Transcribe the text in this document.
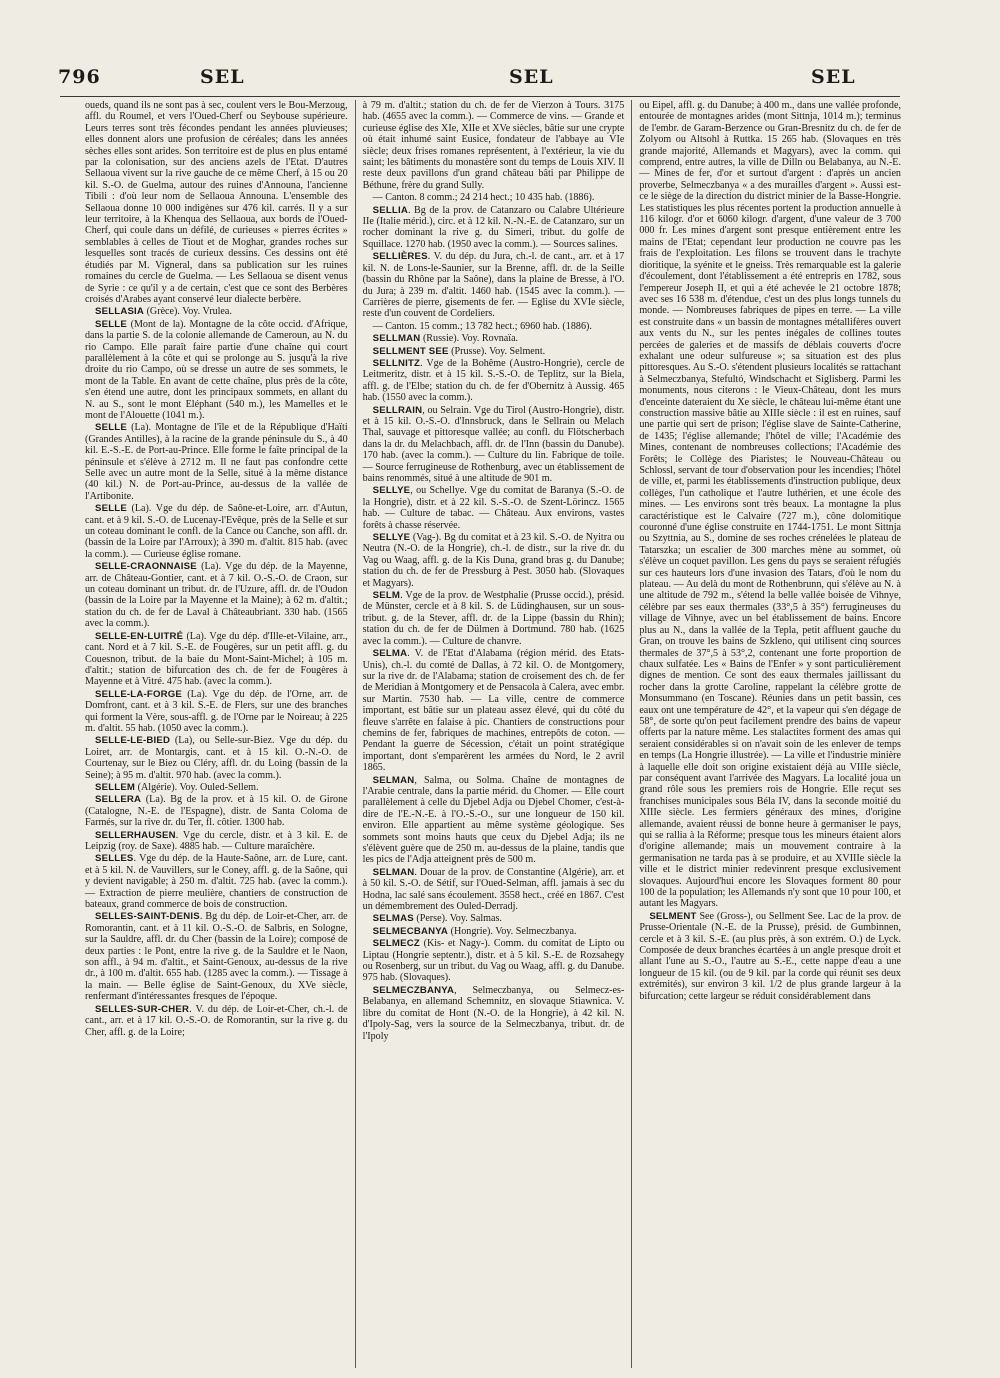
796	SEL	SEL	SEL

oueds, quand ils ne sont pas à sec, coulent vers le Bou-Merzoug, affl. du Roumel, et vers l'Oued-Cherf ou Seybouse supérieure. Leurs terres sont très fécondes pendant les années pluvieuses; elles donnent alors une profusion de céréales; dans les années sèches elles sont arides. Son territoire est de plus en plus entamé par la colonisation, sur des anciens azels de l'Etat. D'autres Sellaoua vivent sur la rive gauche de ce même Cherf, à 15 ou 20 kil. S.-O. de Guelma, autour des ruines d'Announa, l'ancienne Tibili : d'où leur nom de Sellaoua Announa. L'ensemble des Sellaoua donne 10 000 indigènes sur 476 kil. carrés. Il y a sur leur territoire, à la Khenqua des Sellaoua, aux bords de l'Oued-Cherf, qui coule dans un défilé, de curieuses « pierres écrites » semblables à celles de Tiout et de Moghar, grandes roches sur lesquelles sont tracés de curieux dessins. Ces dessins ont été étudiés par M. Vigneral, dans sa publication sur les ruines romaines du cercle de Guelma. — Les Sellaoua se disent venus de Syrie : ce qu'il y a de certain, c'est que ce sont des Berbères croisés d'Arabes ayant conservé leur dialecte berbère.

SELLASIA (Grèce). Voy. Vrulea.

SELLE (Mont de la). Montagne de la côte occid. d'Afrique, dans la partie S. de la colonie allemande de Cameroun, au N. du rio Campo. Elle paraît faire partie d'une chaîne qui court parallèlement à la côte et qui se prolonge au S. jusqu'à la rive droite du rio Campo, où se dresse un autre de ses sommets, le mont de la Table. En avant de cette chaîne, plus près de la côte, s'en étend une autre, dont les principaux sommets, en allant du N. au S., sont le mont Eléphant (540 m.), les Mamelles et le mont de l'Alouette (1041 m.).

SELLE (La). Montagne de l'île et de la République d'Haïti (Grandes Antilles), à la racine de la grande péninsule du S., à 40 kil. E.-S.-E. de Port-au-Prince. Elle forme le faîte principal de la péninsule et s'élève à 2712 m. Il ne faut pas confondre cette Selle avec un autre mont de la Selle, situé à la même distance (40 kil.) N. de Port-au-Prince, au-dessus de la vallée de l'Artibonite.

SELLE (La). Vge du dép. de Saône-et-Loire, arr. d'Autun, cant. et à 9 kil. S.-O. de Lucenay-l'Evêque, près de la Selle et sur un coteau dominant le confl. de la Cance ou Canche, son affl. dr. (bassin de la Loire par l'Arroux); à 390 m. d'altit. 815 hab. (avec la comm.). — Curieuse église romane.

SELLE-CRAONNAISE (La). Vge du dép. de la Mayenne, arr. de Château-Gontier, cant. et à 7 kil. O.-S.-O. de Craon, sur un coteau dominant un tribut. dr. de l'Uzure, affl. dr. de l'Oudon (bassin de la Loire par la Mayenne et la Maine); à 62 m. d'altit.; station du ch. de fer de Laval à Châteaubriant. 330 hab. (1565 avec la comm.).

SELLE-EN-LUITRÉ (La). Vge du dép. d'Ille-et-Vilaine, arr., cant. Nord et à 7 kil. S.-E. de Fougères, sur un petit affl. g. du Couesnon, tribut. de la baie du Mont-Saint-Michel; à 105 m. d'altit.; station de bifurcation des ch. de fer de Fougères à Mayenne et à Vitré. 475 hab. (avec la comm.).

SELLE-LA-FORGE (La). Vge du dép. de l'Orne, arr. de Domfront, cant. et à 3 kil. S.-E. de Flers, sur une des branches qui forment la Vère, sous-affl. g. de l'Orne par le Noireau; à 225 m. d'altit. 55 hab. (1050 avec la comm.).

SELLE-LE-BIED (La), ou Selle-sur-Biez. Vge du dép. du Loiret, arr. de Montargis, cant. et à 15 kil. O.-N.-O. de Courtenay, sur le Biez ou Cléry, affl. dr. du Loing (bassin de la Seine); à 95 m. d'altit. 970 hab. (avec la comm.).

SELLEM (Algérie). Voy. Ouled-Sellem.

SELLERA (La). Bg de la prov. et à 15 kil. O. de Girone (Catalogne, N.-E. de l'Espagne), distr. de Santa Coloma de Farmés, sur la rive dr. du Ter, fl. côtier. 1300 hab.

SELLERHAUSEN. Vge du cercle, distr. et à 3 kil. E. de Leipzig (roy. de Saxe). 4885 hab. — Culture maraîchère.

SELLES. Vge du dép. de la Haute-Saône, arr. de Lure, cant. et à 5 kil. N. de Vauvillers, sur le Coney, affl. g. de la Saône, qui y devient navigable; à 250 m. d'altit. 725 hab. (avec la comm.). — Extraction de pierre meulière, chantiers de construction de bateaux, grand commerce de bois de construction.

SELLES-SAINT-DENIS. Bg du dép. de Loir-et-Cher, arr. de Romorantin, cant. et à 11 kil. O.-S.-O. de Salbris, en Sologne, sur la Sauldre, affl. dr. du Cher (bassin de la Loire); composé de deux parties : le Pont, entre la rive g. de la Sauldre et le Naon, son affl., à 94 m. d'altit., et Saint-Genoux, au-dessus de la rive dr., à 100 m. d'altit. 655 hab. (1285 avec la comm.). — Tissage à la main. — Belle église de Saint-Genoux, du XVe siècle, renfermant d'intéressantes fresques de l'époque.

SELLES-SUR-CHER. V. du dép. de Loir-et-Cher, ch.-l. de cant., arr. et à 17 kil. O.-S.-O. de Romorantin, sur la rive g. du Cher, affl. g. de la Loire;

à 79 m. d'altit.; station du ch. de fer de Vierzon à Tours. 3175 hab. (4655 avec la comm.). — Commerce de vins. — Grande et curieuse église des XIe, XIIe et XVe siècles, bâtie sur une crypte où était inhumé saint Eusice, fondateur de l'abbaye au VIe siècle; deux frises romanes représentent, à l'extérieur, la vie du saint; les bâtiments du monastère sont du temps de Louis XIV. Il reste deux pavillons d'un grand château bâti par Philippe de Béthune, frère du grand Sully.

— Canton. 8 comm.; 24 214 hect.; 10 435 hab. (1886).

SELLIA. Bg de la prov. de Catanzaro ou Calabre Ultérieure IIe (Italie mérid.), circ. et à 12 kil. N.-N.-E. de Catanzaro, sur un rocher dominant la rive g. du Simeri, tribut. du golfe de Squillace. 1270 hab. (1950 avec la comm.). — Sources salines.

SELLIÈRES. V. du dép. du Jura, ch.-l. de cant., arr. et à 17 kil. N. de Lons-le-Saunier, sur la Brenne, affl. dr. de la Seille (bassin du Rhône par la Saône), dans la plaine de Bresse, à l'O. du Jura; à 239 m. d'altit. 1460 hab. (1545 avec la comm.). — Carrières de pierre, gisements de fer. — Eglise du XVIe siècle, reste d'un couvent de Cordeliers.

— Canton. 15 comm.; 13 782 hect.; 6960 hab. (1886).

SELLMAN (Russie). Voy. Rovnaïa.

SELLMENT SEE (Prusse). Voy. Selment.

SELLNITZ. Vge de la Bohême (Austro-Hongrie), cercle de Leitmeritz, distr. et à 15 kil. S.-S.-O. de Teplitz, sur la Biela, affl. g. de l'Elbe; station du ch. de fer d'Obernitz à Aussig. 465 hab. (1550 avec la comm.).

SELLRAIN, ou Selrain. Vge du Tirol (Austro-Hongrie), distr. et à 15 kil. O.-S.-O. d'Innsbruck, dans le Sellrain ou Melach Thal, sauvage et pittoresque vallée; au confl. du Flötscherbach dans la dr. du Melachbach, affl. dr. de l'Inn (bassin du Danube). 170 hab. (avec la comm.). — Culture du lin. Fabrique de toile. — Source ferrugineuse de Rothenburg, avec un établissement de bains renommés, situé à une altitude de 901 m.

SELLYE, ou Schellye. Vge du comitat de Baranya (S.-O. de la Hongrie), distr. et à 22 kil. S.-S.-O. de Szent-Lörincz. 1565 hab. — Culture de tabac. — Château. Aux environs, vastes forêts à chasse réservée.

SELLYE (Vag-). Bg du comitat et à 23 kil. S.-O. de Nyitra ou Neutra (N.-O. de la Hongrie), ch.-l. de distr., sur la rive dr. du Vag ou Waag, affl. g. de la Kis Duna, grand bras g. du Danube; station du ch. de fer de Pressburg à Pest. 3050 hab. (Slovaques et Magyars).

SELM. Vge de la prov. de Westphalie (Prusse occid.), présid. de Münster, cercle et à 8 kil. S. de Lüdinghausen, sur un sous-tribut. g. de la Stever, affl. dr. de la Lippe (bassin du Rhin); station du ch. de fer de Dülmen à Dortmund. 780 hab. (1625 avec la comm.). — Culture de chanvre.

SELMA. V. de l'Etat d'Alabama (région mérid. des Etats-Unis), ch.-l. du comté de Dallas, à 72 kil. O. de Montgomery, sur la rive dr. de l'Alabama; station de croisement des ch. de fer de Meridian à Montgomery et de Pensacola à Calera, avec embr. sur Martin. 7530 hab. — La ville, centre de commerce important, est bâtie sur un plateau assez élevé, qui du côté du fleuve s'arrête en falaise à pic. Chantiers de constructions pour chemins de fer, fabriques de machines, entrepôts de coton. — Pendant la guerre de Sécession, c'était un point stratégique important, dont s'emparèrent les armées du Nord, le 2 avril 1865.

SELMAN, Salma, ou Solma. Chaîne de montagnes de l'Arabie centrale, dans la partie mérid. du Chomer. — Elle court parallèlement à celle du Djebel Adja ou Djebel Chomer, c'est-à-dire de l'E.-N.-E. à l'O.-S.-O., sur une longueur de 150 kil. environ. Elle appartient au même système géologique. Ses sommets sont moins hauts que ceux du Djebel Adja; ils ne s'élèvent guère que de 250 m. au-dessus de la plaine, tandis que les pics de l'Adja atteignent près de 500 m.

SELMAN. Douar de la prov. de Constantine (Algérie), arr. et à 50 kil. S.-O. de Sétif, sur l'Oued-Selman, affl. jamais à sec du Hodna, lac salé sans écoulement. 3558 hect., créé en 1867. C'est un démembrement des Ouled-Derradj.

SELMAS (Perse). Voy. Salmas.

SELMECBANYA (Hongrie). Voy. Selmeczbanya.

SELMECZ (Kis- et Nagy-). Comm. du comitat de Lipto ou Liptau (Hongrie septentr.), distr. et à 5 kil. S.-E. de Rozsahegy ou Rosenberg, sur un tribut. du Vag ou Waag, affl. g. du Danube. 975 hab. (Slovaques).

SELMECZBANYA, Selmeczbanya, ou Selmecz-es-Belabanya, en allemand Schemnitz, en slovaque Stiawnica. V. libre du comitat de Hont (N.-O. de la Hongrie), à 42 kil. N. d'Ipoly-Sag, vers la source de la Selmeczbanya, tribut. dr. de l'Ipoly

ou Eipel, affl. g. du Danube; à 400 m., dans une vallée profonde, entourée de montagnes arides (mont Sittnja, 1014 m.); terminus de l'embr. de Garam-Berzence ou Gran-Bresnitz du ch. de fer de Zolyom ou Altsohl à Ruttka. 15 265 hab. (Slovaques en très grande majorité, Allemands et Magyars), avec la comm. qui comprend, entre autres, la ville de Dilln ou Belabanya, au N.-E. — Mines de fer, d'or et surtout d'argent : d'après un ancien proverbe, Selmeczbanya « a des murailles d'argent ». Aussi est-ce le siège de la direction du district minier de la Basse-Hongrie. Les statistiques les plus récentes portent la production annuelle à 116 kilogr. d'or et 6060 kilogr. d'argent, d'une valeur de 3 700 000 fr. Les mines d'argent sont presque entièrement entre les mains de l'Etat; cependant leur production ne couvre pas les frais de l'exploitation. Les filons se trouvent dans le trachyte dioritique, la syénite et le gneiss. Très remarquable est la galerie d'écoulement, dont l'établissement a été entrepris en 1782, sous l'empereur Joseph II, et qui a été achevée le 21 octobre 1878; avec ses 16 538 m. d'étendue, c'est un des plus longs tunnels du monde. — Nombreuses fabriques de pipes en terre. — La ville est construite dans « un bassin de montagnes métallifères ouvert aux vents du N., sur les pentes inégales de collines toutes percées de galeries et de massifs de déblais couverts d'ocre exhalant une odeur sulfureuse »; sa situation est des plus pittoresques. Au S.-O. s'étendent plusieurs localités se rattachant à Selmeczbanya, Stefultó, Windschacht et Siglisberg. Parmi les monuments, nous citerons : le Vieux-Château, dont les murs d'enceinte dateraient du Xe siècle, le château lui-même étant une construction massive bâtie au XIIIe siècle : il est en ruines, sauf une partie qui sert de prison; l'église slave de Sainte-Catherine, de 1435; l'église allemande; l'hôtel de ville; l'Académie des Mines, contenant de nombreuses collections; l'Académie des Forêts; le Collège des Piaristes; le Nouveau-Château ou Schlossl, servant de tour d'observation pour les incendies; l'hôtel de ville, et, parmi les établissements d'instruction publique, deux collèges, l'un catholique et l'autre luthérien, et une école des mines. — Les environs sont très beaux. La montagne la plus caractéristique est le Calvaire (727 m.), cône dolomitique couronné d'une église construite en 1744-1751. Le mont Sittnja ou Szyttnia, au S., domine de ses roches crénelées le plateau de Tatarszka; un escalier de 300 marches mène au sommet, où s'élève un coquet pavillon. Les gens du pays se seraient réfugiés sur ces hauteurs lors d'une invasion des Tatars, d'où le nom du plateau. — Au delà du mont de Rothenbrunn, qui s'élève au N. à une altitude de 792 m., s'étend la belle vallée boisée de Vihnye, célèbre par ses eaux thermales (33°,5 à 35°) ferrugineuses du village de Vihnye, avec un bel établissement de bains. Encore plus au N., dans la vallée de la Tepla, petit affluent gauche du Gran, on trouve les bains de Szkleno, qui utilisent cinq sources thermales de 37°,5 à 53°,2, contenant une forte proportion de chaux sulfatée. Les « Bains de l'Enfer » y sont particulièrement dignes de mention. Ce sont des eaux thermales jaillissant du rocher dans la grotte Caroline, rappelant la célèbre grotte de Monsummano (en Toscane). Réunies dans un petit bassin, ces eaux ont une température de 42°, et la vapeur qui s'en dégage de 58°, de sorte qu'on peut facilement prendre des bains de vapeur offerts par la nature même. Les stalactites forment des amas qui seraient considérables si on n'avait soin de les enlever de temps en temps (La Hongrie illustrée). — La ville et l'industrie minière à laquelle elle doit son origine existaient déjà au VIIIe siècle, par conséquent avant l'arrivée des Magyars. La localité joua un grand rôle sous les premiers rois de Hongrie. Elle reçut ses franchises municipales sous Béla IV, dans la seconde moitié du XIIIe siècle. Les fermiers généraux des mines, d'origine allemande, avaient réussi de bonne heure à germaniser le pays, qui se rallia à la Réforme; presque tous les mineurs étaient alors d'origine allemande; mais un mouvement contraire à la germanisation ne tarda pas à se produire, et au XVIIIe siècle la ville et le district minier redevinrent presque exclusivement slovaques. Aujourd'hui encore les Slovaques forment 80 pour 100 de la population; les Allemands n'y sont que 10 pour 100, et autant les Magyars.

SELMENT See (Gross-), ou Sellment See. Lac de la prov. de Prusse-Orientale (N.-E. de la Prusse), présid. de Gumbinnen, cercle et à 3 kil. S.-E. (au plus près, à son extrém. O.) de Lyck. Composée de deux branches écartées à un angle presque droit et allant l'une au S.-O., l'autre au S.-E., cette nappe d'eau a une longueur de 15 kil. (ou de 9 kil. par la corde qui réunit ses deux extrémités), sur environ 3 kil. 1/2 de plus grande largeur à la bifurcation; cette largeur se réduit considérablement dans
